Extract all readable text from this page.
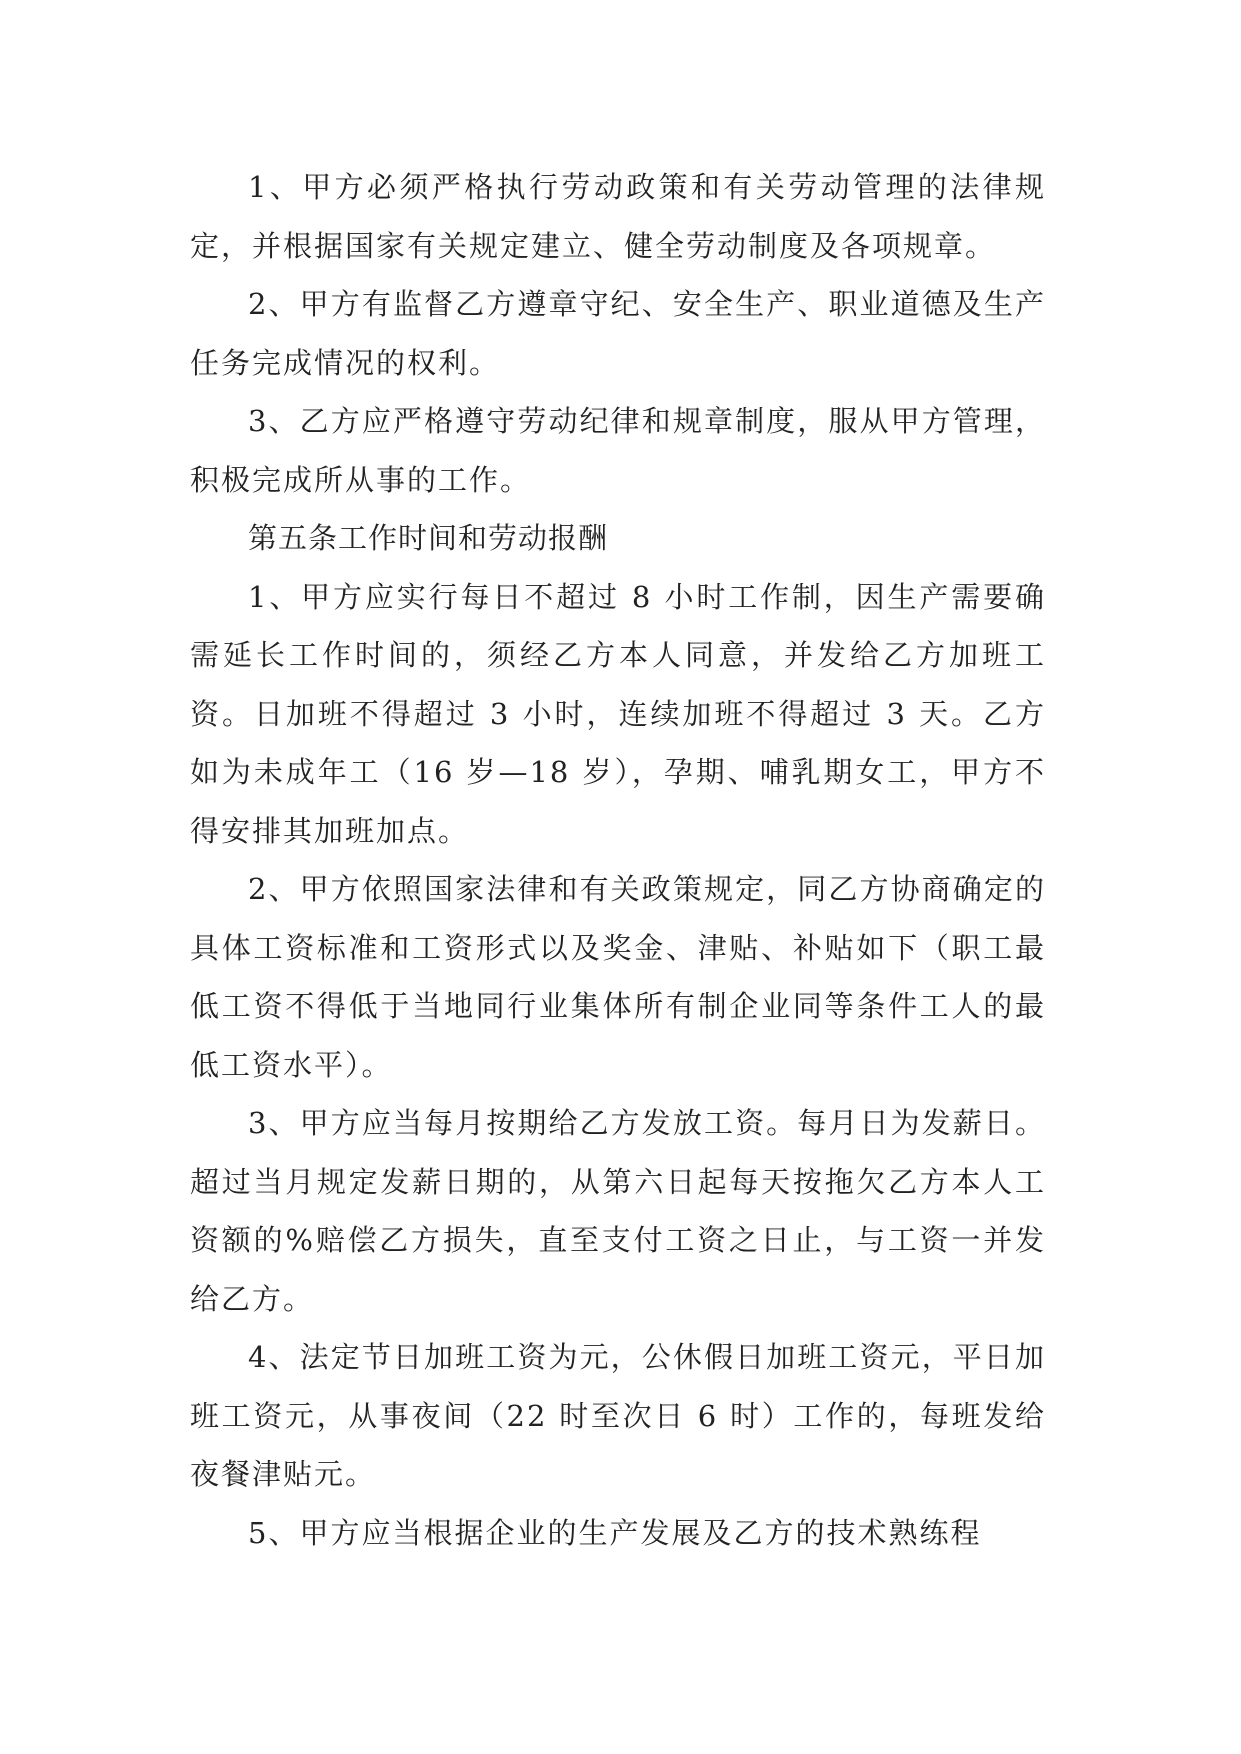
1、甲方必须严格执行劳动政策和有关劳动管理的法律规定，并根据国家有关规定建立、健全劳动制度及各项规章。

2、甲方有监督乙方遵章守纪、安全生产、职业道德及生产任务完成情况的权利。

3、乙方应严格遵守劳动纪律和规章制度，服从甲方管理，积极完成所从事的工作。

第五条工作时间和劳动报酬

1、甲方应实行每日不超过 8 小时工作制，因生产需要确需延长工作时间的，须经乙方本人同意，并发给乙方加班工资。日加班不得超过 3 小时，连续加班不得超过 3 天。乙方如为未成年工（16 岁—18 岁），孕期、哺乳期女工，甲方不得安排其加班加点。

2、甲方依照国家法律和有关政策规定，同乙方协商确定的具体工资标准和工资形式以及奖金、津贴、补贴如下（职工最低工资不得低于当地同行业集体所有制企业同等条件工人的最低工资水平）。

3、甲方应当每月按期给乙方发放工资。每月日为发薪日。超过当月规定发薪日期的，从第六日起每天按拖欠乙方本人工资额的%赔偿乙方损失，直至支付工资之日止，与工资一并发给乙方。

4、法定节日加班工资为元，公休假日加班工资元，平日加班工资元，从事夜间（22 时至次日 6 时）工作的，每班发给夜餐津贴元。

5、甲方应当根据企业的生产发展及乙方的技术熟练程
